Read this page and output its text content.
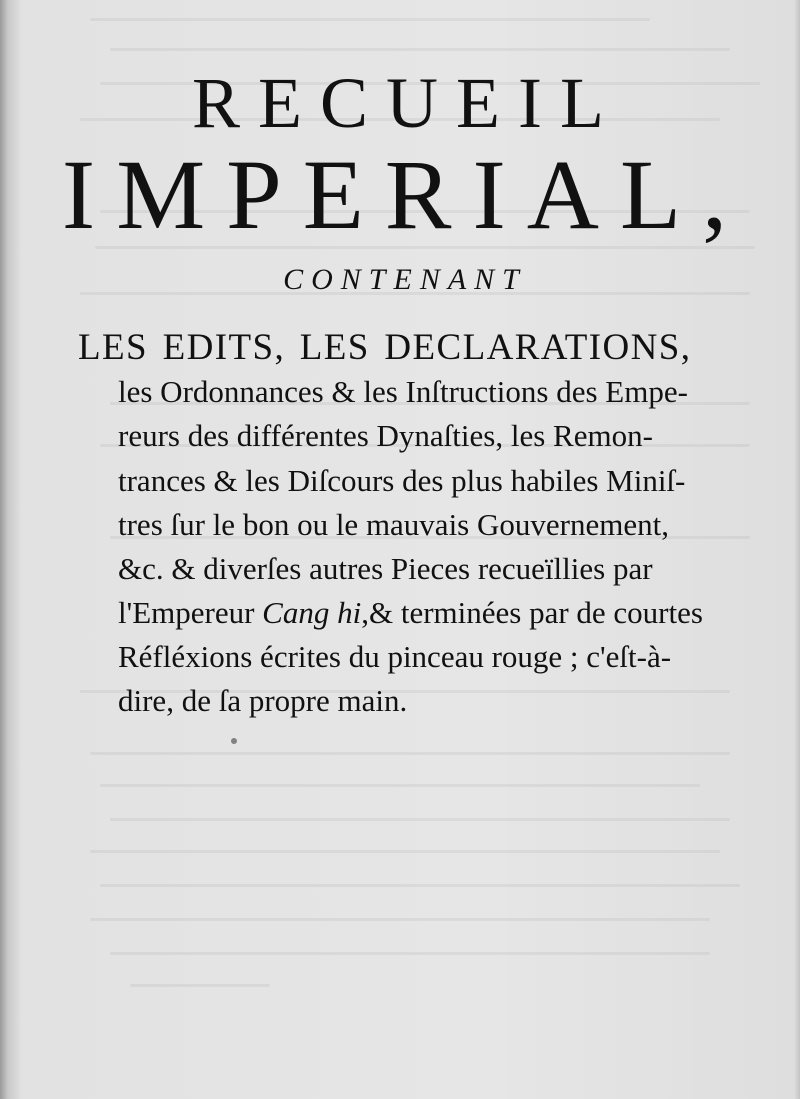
RECUEIL
IMPERIAL,
CONTENANT
LES EDITS, LES DECLARATIONS,
les Ordonnances & les Inſtructions des Empe-
reurs des différentes Dynaſties, les Remon-
trances & les Diſcours des plus habiles Miniſ-
tres ſur le bon ou le mauvais Gouvernement,
&c. & diverſes autres Pieces recueïllies par
l'Empereur Cang hi,& terminées par de courtes
Réfléxions écrites du pinceau rouge ; c'eſt-à-
dire, de ſa propre main.
